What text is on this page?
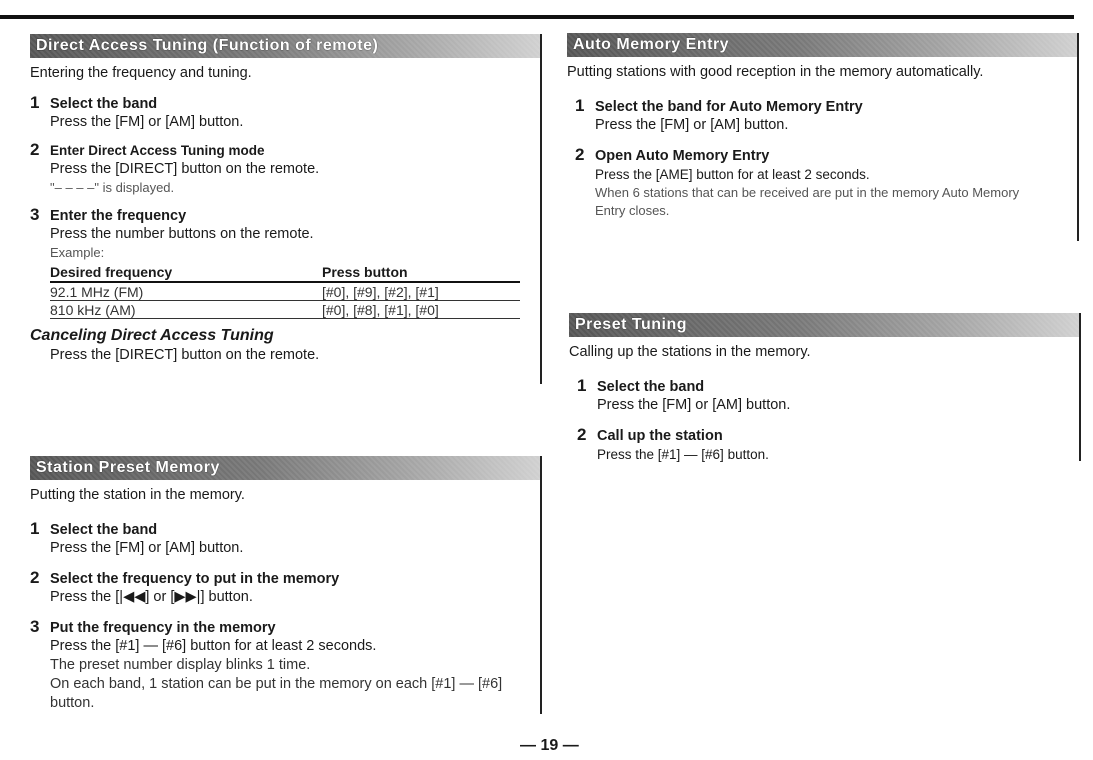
Direct Access Tuning (Function of remote)
Entering the frequency and tuning.
1 Select the band
Press the [FM] or [AM] button.
2 Enter Direct Access Tuning mode
Press the [DIRECT] button on the remote.
"– – – –" is displayed.
3 Enter the frequency
Press the number buttons on the remote.
Example:
Desired frequency	Press button
92.1 MHz (FM)	[#0], [#9], [#2], [#1]
810 kHz (AM)	[#0], [#8], [#1], [#0]
Canceling Direct Access Tuning
Press the [DIRECT] button on the remote.
Station Preset Memory
Putting the station in the memory.
1 Select the band
Press the [FM] or [AM] button.
2 Select the frequency to put in the memory
Press the [|◀◀] or [▶▶|] button.
3 Put the frequency in the memory
Press the [#1] — [#6] button for at least 2 seconds.
The preset number display blinks 1 time.
On each band, 1 station can be put in the memory on each [#1] — [#6] button.
Auto Memory Entry
Putting stations with good reception in the memory automatically.
1 Select the band for Auto Memory Entry
Press the [FM] or [AM] button.
2 Open Auto Memory Entry
Press the [AME] button for at least 2 seconds.
When 6 stations that can be received are put in the memory Auto Memory Entry closes.
Preset Tuning
Calling up the stations in the memory.
1 Select the band
Press the [FM] or [AM] button.
2 Call up the station
Press the [#1] — [#6] button.
— 19 —
